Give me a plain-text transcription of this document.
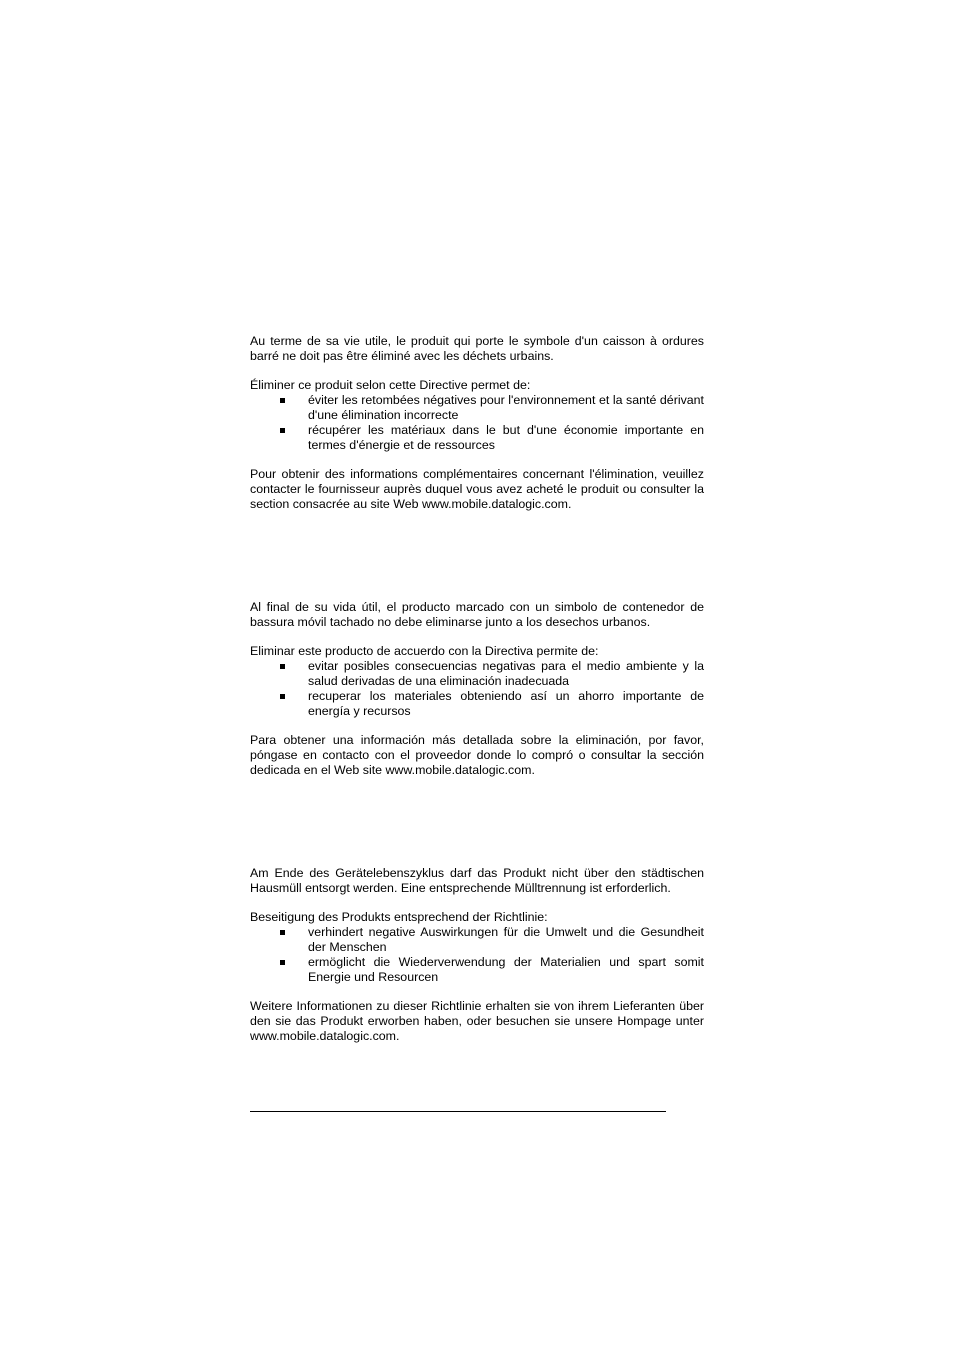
Au terme de sa vie utile, le produit qui porte le symbole d'un caisson à ordures barré ne doit pas être éliminé avec les déchets urbains.

Éliminer ce produit selon cette Directive permet de:

éviter les retombées négatives pour l'environnement et la santé dérivant d'une élimination incorrecte
récupérer les matériaux dans le but d'une économie importante en termes d'énergie et de ressources

Pour obtenir des informations complémentaires concernant l'élimination, veuillez contacter le fournisseur auprès duquel vous avez acheté le produit ou consulter la section consacrée au site Web www.mobile.datalogic.com.

Al final de su vida útil, el producto marcado con un simbolo de contenedor de bassura móvil tachado no debe eliminarse junto a los desechos urbanos.

Eliminar este producto de accuerdo con la Directiva permite de:

evitar posibles consecuencias negativas para el medio ambiente y la salud derivadas de una eliminación inadecuada
recuperar los materiales obteniendo así un ahorro importante de energía y recursos

Para obtener una información más detallada sobre la eliminación, por favor, póngase en contacto con el proveedor donde lo compró o consultar la sección dedicada en el Web site www.mobile.datalogic.com.

Am Ende des Gerätelebenszyklus darf das Produkt nicht über den städtischen Hausmüll entsorgt werden. Eine entsprechende Mülltrennung ist erforderlich.

Beseitigung des Produkts entsprechend der Richtlinie:

verhindert negative Auswirkungen für die Umwelt und die Gesundheit der Menschen
ermöglicht die Wiederverwendung der Materialien und spart somit Energie und Resourcen

Weitere Informationen zu dieser Richtlinie erhalten sie von ihrem Lieferanten über den sie das Produkt erworben haben, oder besuchen sie unsere Hompage unter www.mobile.datalogic.com.
